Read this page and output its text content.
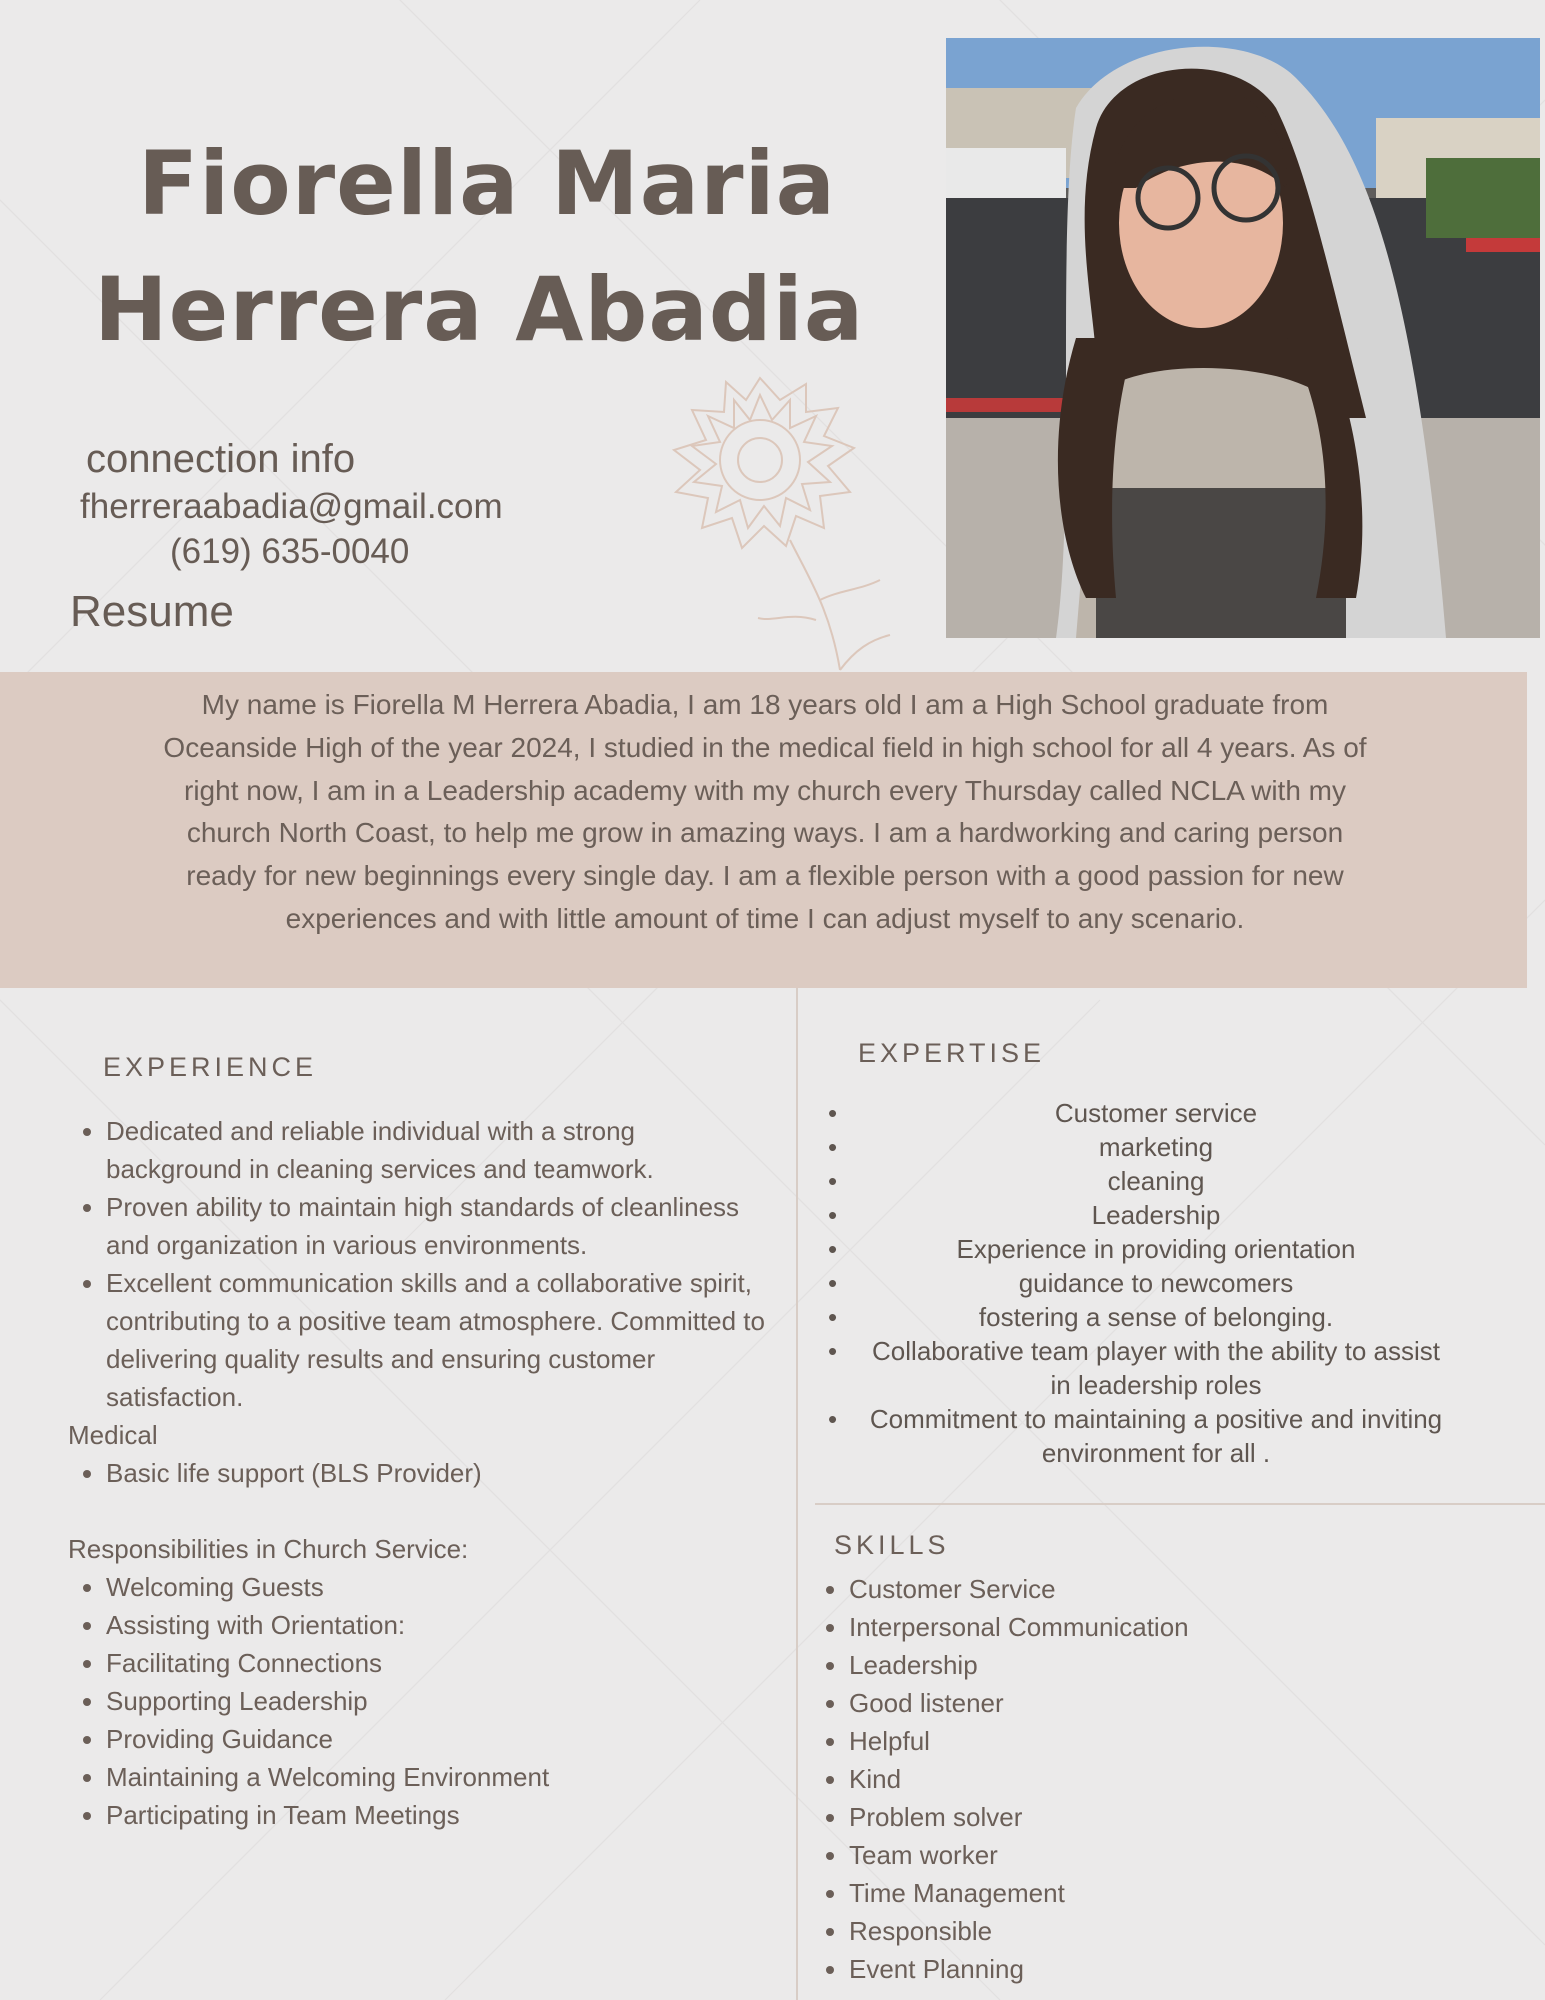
Fiorella Maria
Herrera Abadia
connection info
fherreraabadia@gmail.com
(619) 635-0040
Resume
My name is Fiorella M Herrera Abadia, I am 18 years old I am a High School graduate from Oceanside High of the year 2024, I studied in the medical field in high school for all 4 years. As of right now, I am in a Leadership academy with my church every Thursday called NCLA with my church North Coast, to help me grow in amazing ways. I am a hardworking and caring person ready for new beginnings every single day. I am a flexible person with a good passion for new experiences and with little amount of time I can adjust myself to any scenario.
EXPERIENCE
• Dedicated and reliable individual with a strong background in cleaning services and teamwork.
• Proven ability to maintain high standards of cleanliness and organization in various environments.
• Excellent communication skills and a collaborative spirit, contributing to a positive team atmosphere. Committed to delivering quality results and ensuring customer satisfaction.
Medical
• Basic life support (BLS Provider)
Responsibilities in Church Service:
• Welcoming Guests
• Assisting with Orientation:
• Facilitating Connections
• Supporting Leadership
• Providing Guidance
• Maintaining a Welcoming Environment
• Participating in Team Meetings
EXPERTISE
•	Customer service
•	marketing
•	cleaning
•	Leadership
•	Experience in providing orientation
•	guidance to newcomers
•	fostering a sense of belonging.
• Collaborative team player with the ability to assist in leadership roles
• Commitment to maintaining a positive and inviting environment for all .
SKILLS
• Customer Service
• Interpersonal Communication
• Leadership
• Good listener
• Helpful
• Kind
• Problem solver
• Team worker
• Time Management
• Responsible
• Event Planning
